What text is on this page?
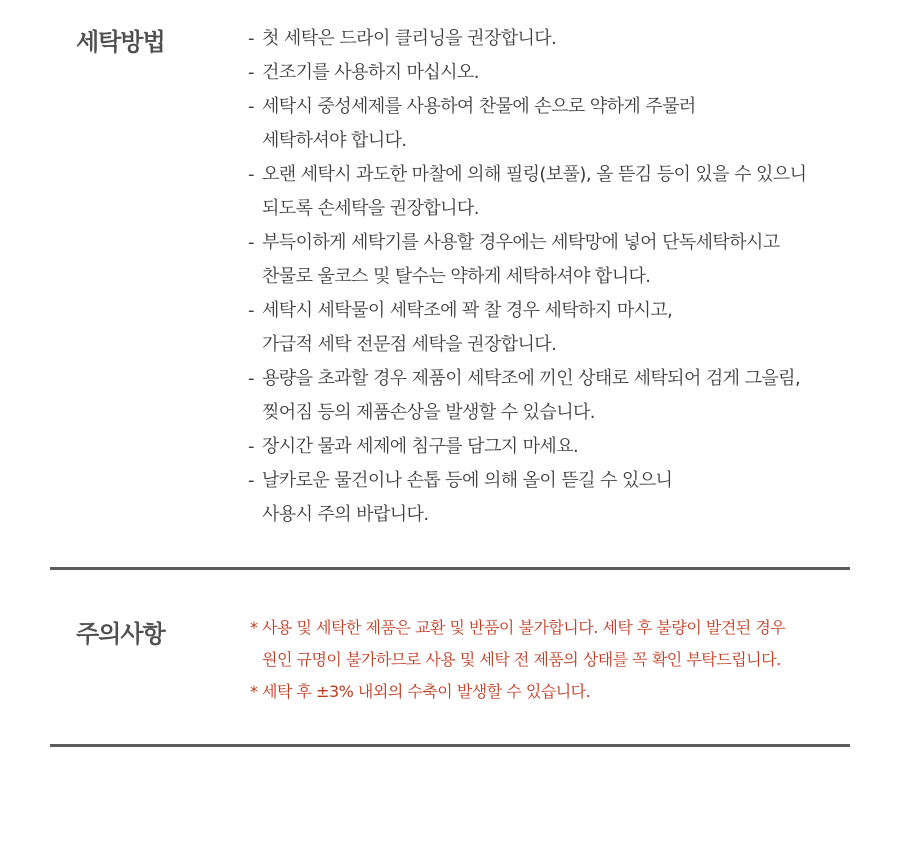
세탁방법	- 첫 세탁은 드라이 클리닝을 권장합니다.
- 건조기를 사용하지 마십시오.
- 세탁시 중성세제를 사용하여 찬물에 손으로 약하게 주물러
세탁하셔야 합니다.
- 오랜 세탁시 과도한 마찰에 의해 필링(보풀), 올 뜯김 등이 있을 수 있으니
되도록 손세탁을 권장합니다.
- 부득이하게 세탁기를 사용할 경우에는 세탁망에 넣어 단독세탁하시고
찬물로 울코스 및 탈수는 약하게 세탁하셔야 합니다.
- 세탁시 세탁물이 세탁조에 꽉 찰 경우 세탁하지 마시고,
가급적 세탁 전문점 세탁을 권장합니다.
- 용량을 초과할 경우 제품이 세탁조에 끼인 상태로 세탁되어 검게 그을림,
찢어짐 등의 제품손상을 발생할 수 있습니다.
- 장시간 물과 세제에 침구를 담그지 마세요.
- 날카로운 물건이나 손톱 등에 의해 올이 뜯길 수 있으니
사용시 주의 바랍니다.
주의사항	* 사용 및 세탁한 제품은 교환 및 반품이 불가합니다. 세탁 후 불량이 발견된 경우
원인 규명이 불가하므로 사용 및 세탁 전 제품의 상태를 꼭 확인 부탁드립니다.
* 세탁 후 ±3% 내외의 수축이 발생할 수 있습니다.
